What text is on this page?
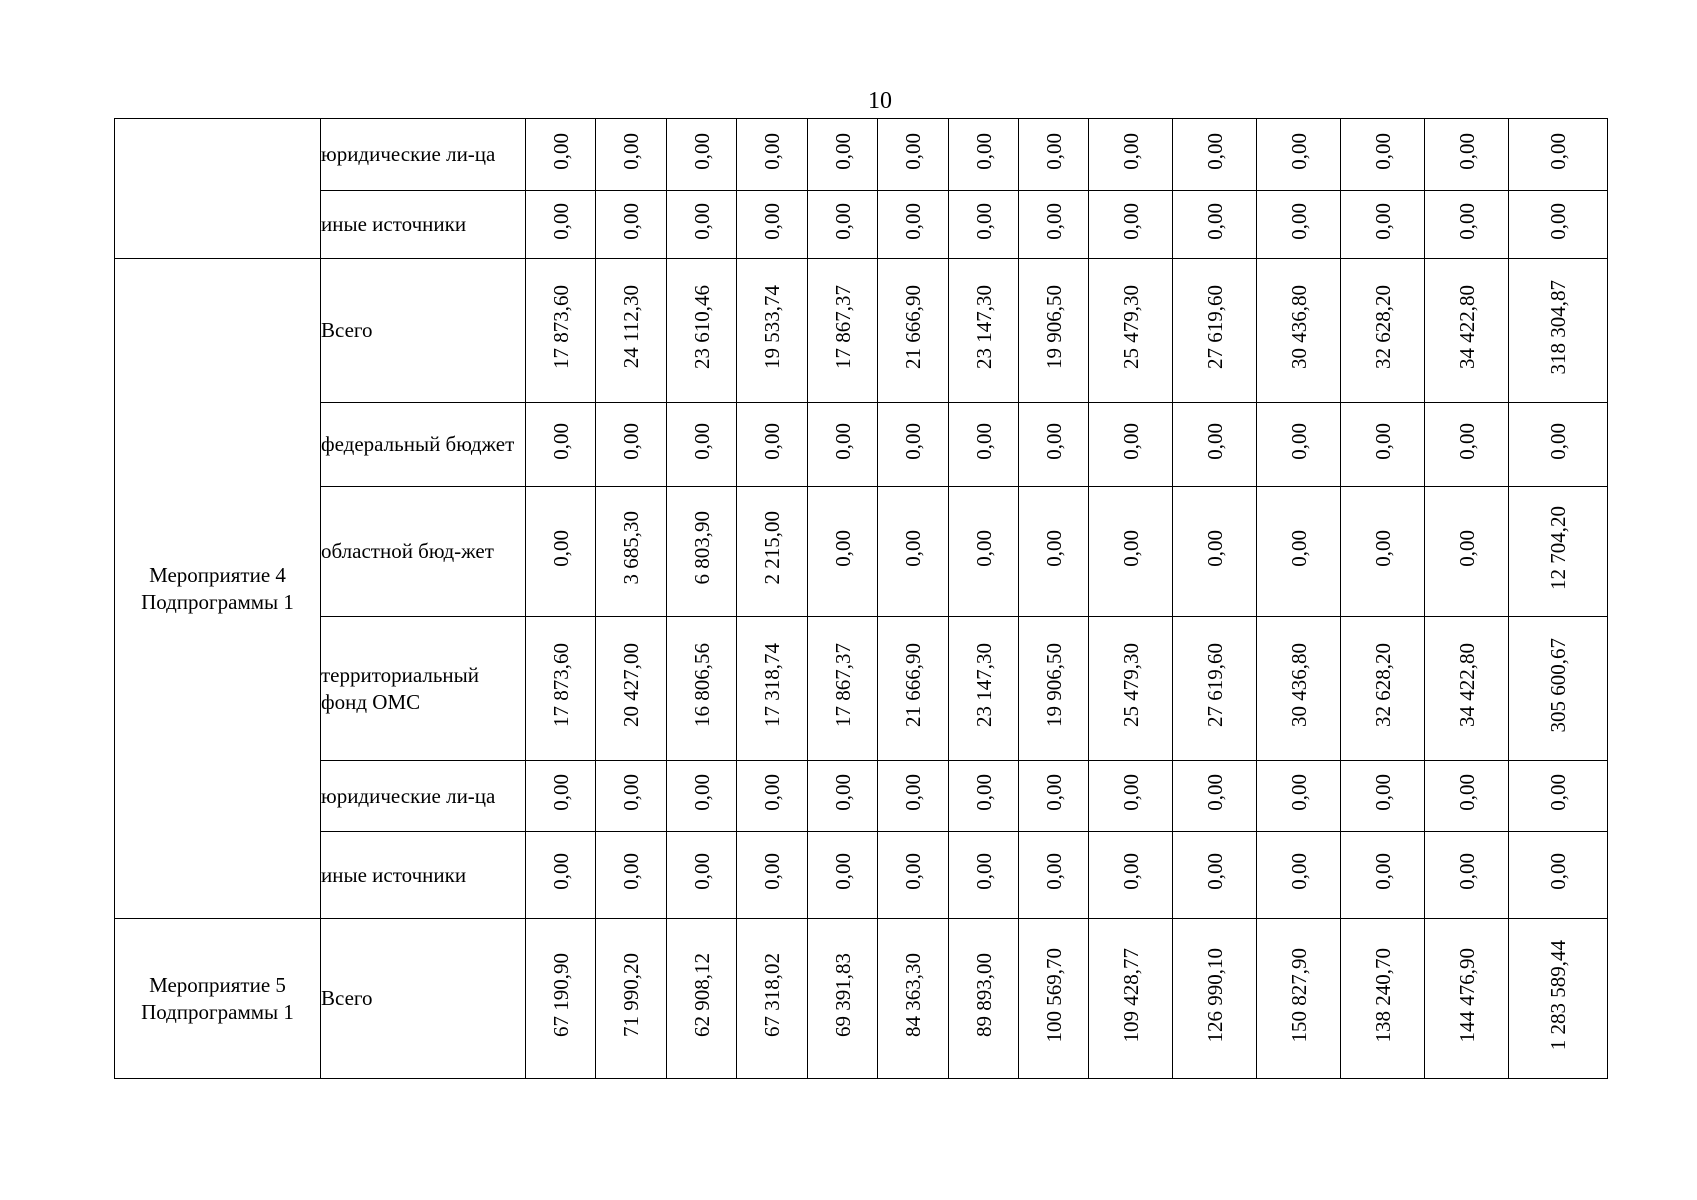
10
	юридические ли-ца	0,00	0,00	0,00	0,00	0,00	0,00	0,00	0,00	0,00	0,00	0,00	0,00	0,00	0,00
	иные источники	0,00	0,00	0,00	0,00	0,00	0,00	0,00	0,00	0,00	0,00	0,00	0,00	0,00	0,00
Мероприятие 4 Подпрограммы 1	Всего	17 873,60	24 112,30	23 610,46	19 533,74	17 867,37	21 666,90	23 147,30	19 906,50	25 479,30	27 619,60	30 436,80	32 628,20	34 422,80	318 304,87
	федеральный бюджет	0,00	0,00	0,00	0,00	0,00	0,00	0,00	0,00	0,00	0,00	0,00	0,00	0,00	0,00
	областной бюд-жет	0,00	3 685,30	6 803,90	2 215,00	0,00	0,00	0,00	0,00	0,00	0,00	0,00	0,00	0,00	12 704,20
	территориальный фонд ОМС	17 873,60	20 427,00	16 806,56	17 318,74	17 867,37	21 666,90	23 147,30	19 906,50	25 479,30	27 619,60	30 436,80	32 628,20	34 422,80	305 600,67
	юридические ли-ца	0,00	0,00	0,00	0,00	0,00	0,00	0,00	0,00	0,00	0,00	0,00	0,00	0,00	0,00
	иные источники	0,00	0,00	0,00	0,00	0,00	0,00	0,00	0,00	0,00	0,00	0,00	0,00	0,00	0,00
Мероприятие 5 Подпрограммы 1	Всего	67 190,90	71 990,20	62 908,12	67 318,02	69 391,83	84 363,30	89 893,00	100 569,70	109 428,77	126 990,10	150 827,90	138 240,70	144 476,90	1 283 589,44
